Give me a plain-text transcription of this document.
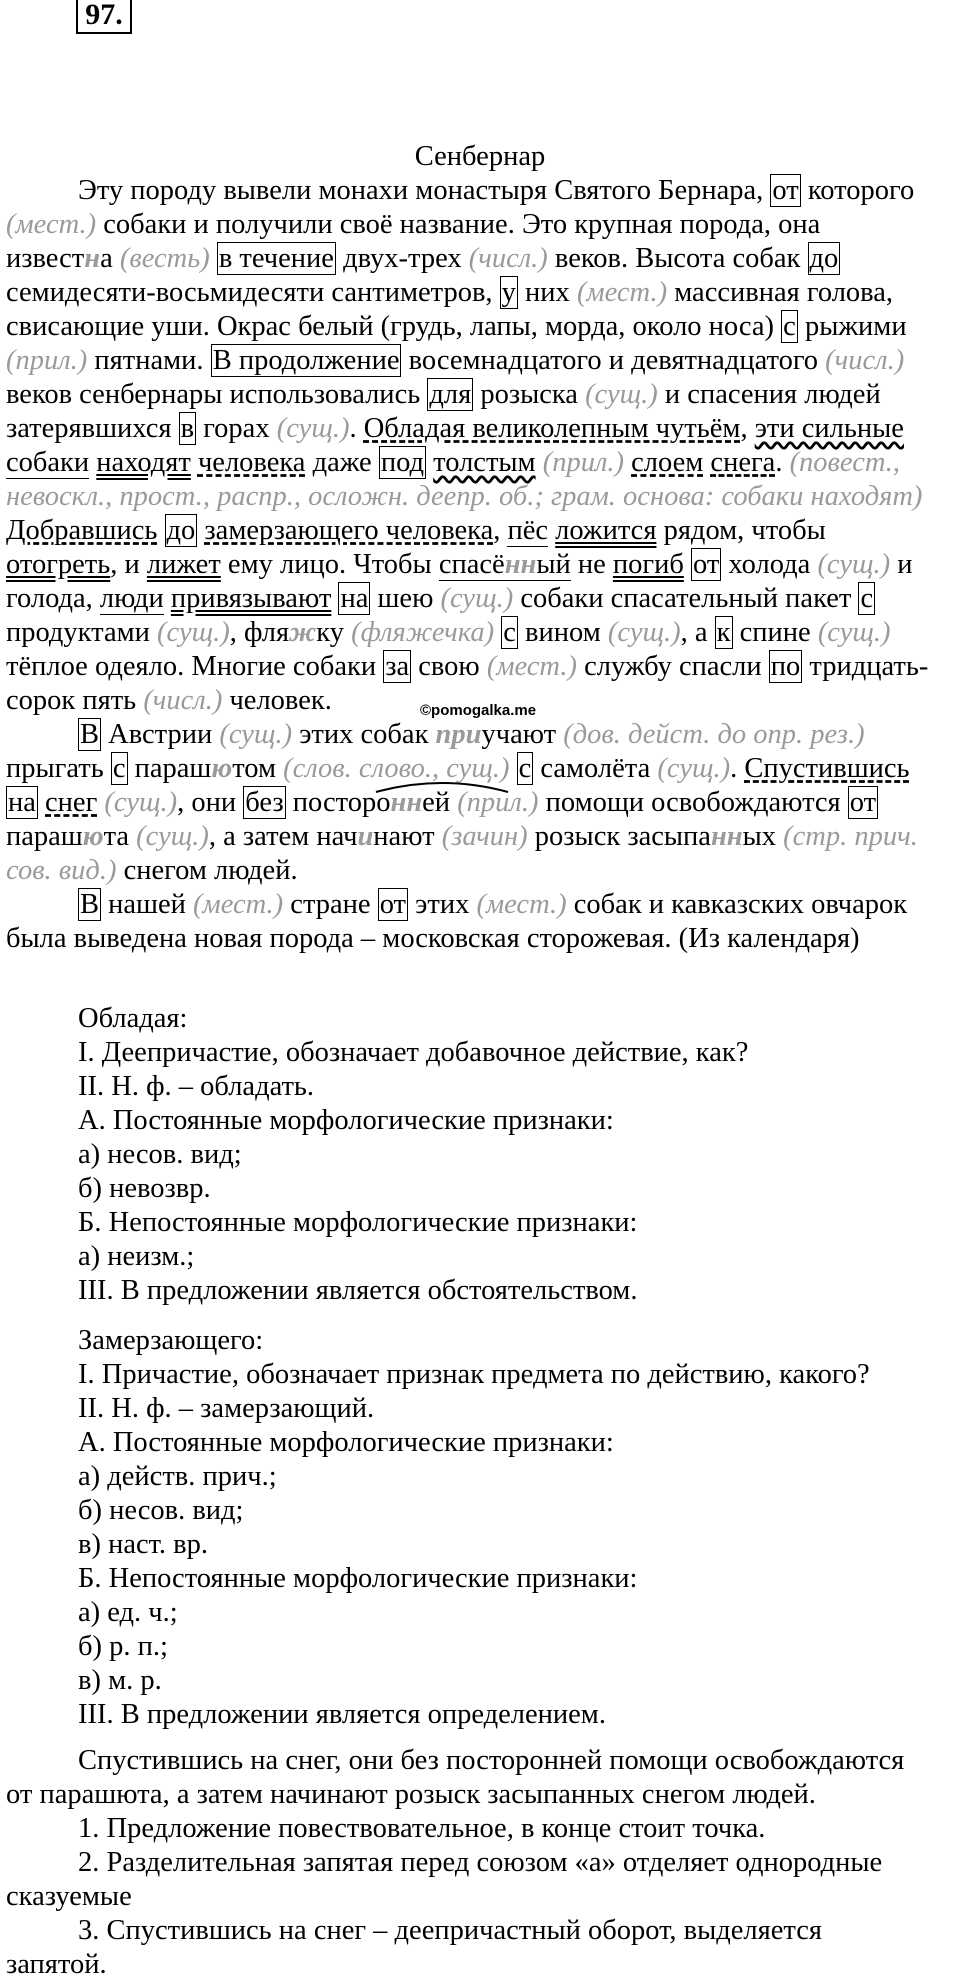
97.
Сенбернар

Эту породу вывели монахи монастыря Святого Бернара, от которого

(мест.) собаки и получили своё название. Это крупная порода, она

известна (весть) в течение двух-трех (числ.) веков. Высота собак до

семидесяти-восьмидесяти сантиметров, у них (мест.) массивная голова,

свисающие уши. Окрас белый (грудь, лапы, морда, около носа) с рыжими

(прил.) пятнами. В продолжение восемнадцатого и девятнадцатого (числ.)

веков сенбернары использовались для розыска (сущ.) и спасения людей

затерявшихся в горах (сущ.). Обладая великолепным чутьём, эти сильные

собаки находят человека даже под толстым (прил.) слоем снега. (повест.,

невоскл., прост., распр., осложн. деепр. об.; грам. основа: собаки находят)

Добравшись до замерзающего человека, пёс ложится рядом, чтобы

отогреть, и лижет ему лицо. Чтобы спасённый не погиб от холода (сущ.) и

голода, люди привязывают на шею (сущ.) собаки спасательный пакет с

продуктами (сущ.), фляжку (фляжечка) с вином (сущ.), а к спине (сущ.)

тёплое одеяло. Многие собаки за свою (мест.) службу спасли по тридцать-

сорок пять (числ.) человек.

В Австрии (сущ.) этих собак приучают (дов. дейст. до опр. рез.)

прыгать с парашютом (слов. слово., сущ.) с самолёта (сущ.). Спустившись

на снег (сущ.), они без посторонней (прил.) помощи освобождаются от

парашюта (сущ.), а затем начинают (зачин) розыск засыпанных (стр. прич.

сов. вид.) снегом людей.

В нашей (мест.) стране от этих (мест.) собак и кавказских овчарок

была выведена новая порода – московская сторожевая. (Из календаря)

©pomogalka.me

Обладая:

I. Деепричастие, обозначает добавочное действие, как?

II. Н. ф. – обладать.

А. Постоянные морфологические признаки:

а) несов. вид;

б) невозвр.

Б. Непостоянные морфологические признаки:

а) неизм.;

III. В предложении является обстоятельством.

Замерзающего:

I. Причастие, обозначает признак предмета по действию, какого?

II. Н. ф. – замерзающий.

А. Постоянные морфологические признаки:

а) действ. прич.;

б) несов. вид;

в) наст. вр.

Б. Непостоянные морфологические признаки:

а) ед. ч.;

б) р. п.;

в) м. р.

III. В предложении является определением.

Спустившись на снег, они без посторонней помощи освобождаются

от парашюта, а затем начинают розыск засыпанных снегом людей.

1. Предложение повествовательное, в конце стоит точка.

2. Разделительная запятая перед союзом «а» отделяет однородные

сказуемые

3. Спустившись на снег – деепричастный оборот, выделяется

запятой.
